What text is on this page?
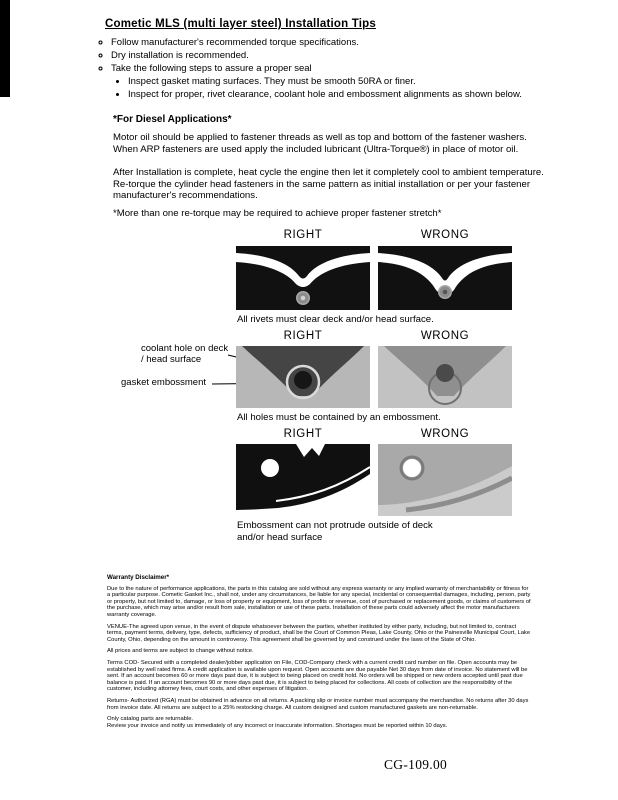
Cometic MLS (multi layer steel) Installation Tips
◦ Follow manufacturer's recommended torque specifications.
◦ Dry installation is recommended.
◦ Take the following steps to assure a proper seal
• Inspect gasket mating surfaces. They must be smooth 50RA or finer.
• Inspect for proper, rivet clearance, coolant hole and embossment alignments as shown below.
*For Diesel Applications*

Motor oil should be applied to fastener threads as well as top and bottom of the fastener washers. When ARP fasteners are used apply the included lubricant (Ultra-Torque®) in place of motor oil.

After Installation is complete, heat cycle the engine then let it completely cool to ambient temperature. Re-torque the cylinder head fasteners in the same pattern as initial installation or per your fastener manufacturer's recommendations.

*More than one re-torque may be required to achieve proper fastener stretch*
RIGHT	WRONG
All rivets must clear deck and/or head surface.
RIGHT	WRONG
coolant hole on deck / head surface
gasket embossment
All holes must be contained by an embossment.
RIGHT	WRONG
Embossment can not protrude outside of deck and/or head surface
Warranty Disclaimer*

Due to the nature of performance applications, the parts in this catalog are sold without any express warranty or any implied warranty of merchantability or fitness for a particular purpose. Cometic Gasket Inc., shall not, under any circumstances, be liable for any special, incidental or consequential damages, including, person, party or property, but not limited to, damage, or loss of property or equipment, loss of profits or revenue, cost of purchased or replacement goods, or claims of customers of the purchase, which may arise and/or result from sale, installation or use of these parts. Installation of these parts could adversely affect the motor manufacturers warranty coverage.

VENUE-The agreed upon venue, in the event of dispute whatsoever between the parties, whether instituted by either party, including, but not limited to, contract terms, payment terms, delivery, type, defects, sufficiency of product, shall be the Court of Common Pleas, Lake County, Ohio or the Painesville Municipal Court, Lake County, Ohio, depending on the amount in controversy. This agreement shall be governed by and construed under the laws of the State of Ohio.

All prices and terms are subject to change without notice.

Terms COD- Secured with a completed dealer/jobber application on File, COD-Company check with a current credit card number on file. Open accounts may be established by well rated firms. A credit application is available upon request. Open accounts are due payable Net 30 days from date of invoice. No statement will be sent. If an account becomes 60 or more days past due, it is subject to being placed on credit hold. No orders will be shipped or new orders accepted until past due balance is paid. If an account becomes 90 or more days past due, it is subject to being placed for collections. All costs of collection are the responsibility of the customer, including attorney fees, court costs, and other expenses of litigation.

Returns- Authorized (RGA) must be obtained in advance on all returns. A packing slip or invoice number must accompany the merchandise. No returns after 30 days from invoice date. All returns are subject to a 25% restocking charge. All custom designed and custom manufactured gaskets are non-returnable.

Only catalog parts are returnable.

Review your invoice and notify us immediately of any incorrect or inaccurate information. Shortages must be reported within 10 days.

CG-109.00
